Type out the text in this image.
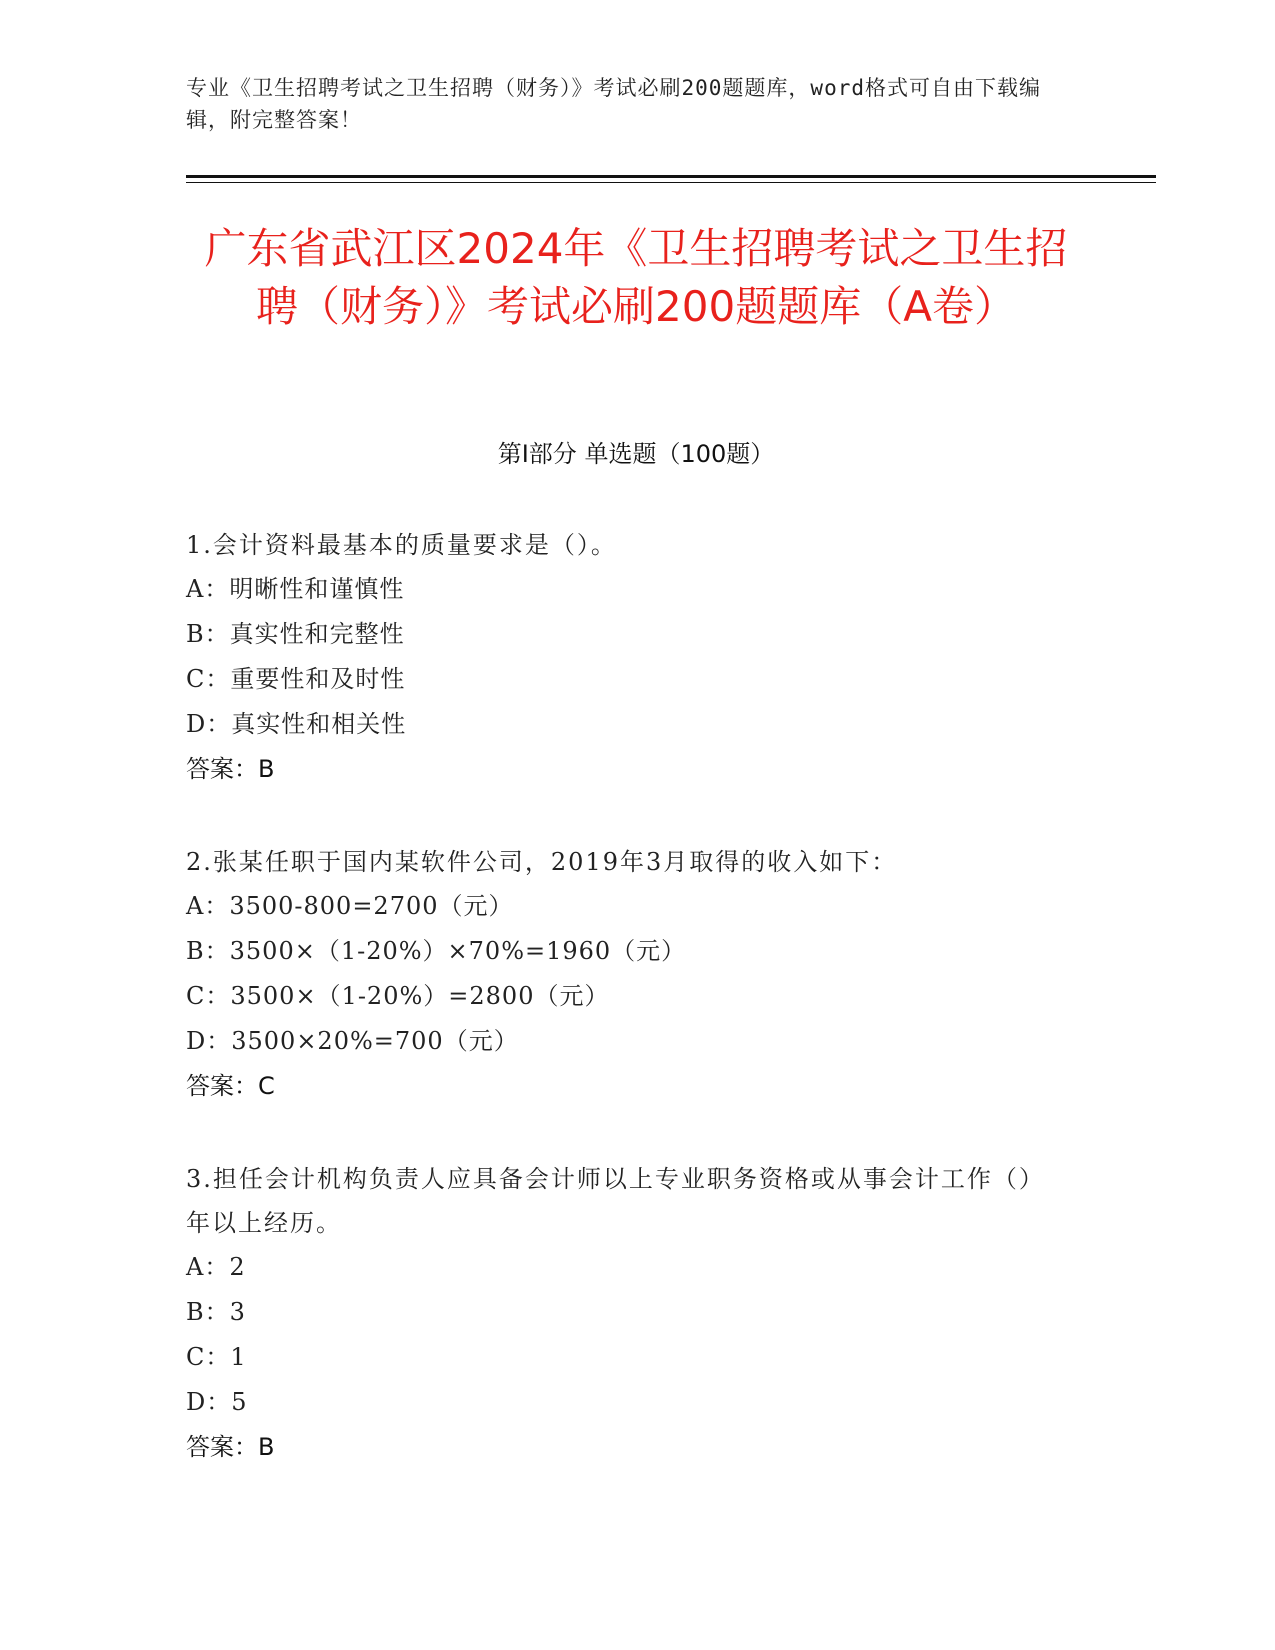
专业《卫生招聘考试之卫生招聘（财务）》考试必刷200题题库，word格式可自由下载编辑，附完整答案！
广东省武江区2024年《卫生招聘考试之卫生招聘（财务）》考试必刷200题题库（A卷）
第I部分 单选题（100题）
1.会计资料最基本的质量要求是（）。
A：明晰性和谨慎性
B：真实性和完整性
C：重要性和及时性
D：真实性和相关性
答案：B
2.张某任职于国内某软件公司，2019年3月取得的收入如下：
A：3500-800=2700（元）
B：3500×（1-20%）×70%=1960（元）
C：3500×（1-20%）=2800（元）
D：3500×20%=700（元）
答案：C
3.担任会计机构负责人应具备会计师以上专业职务资格或从事会计工作（）年以上经历。
A：2
B：3
C：1
D：5
答案：B
